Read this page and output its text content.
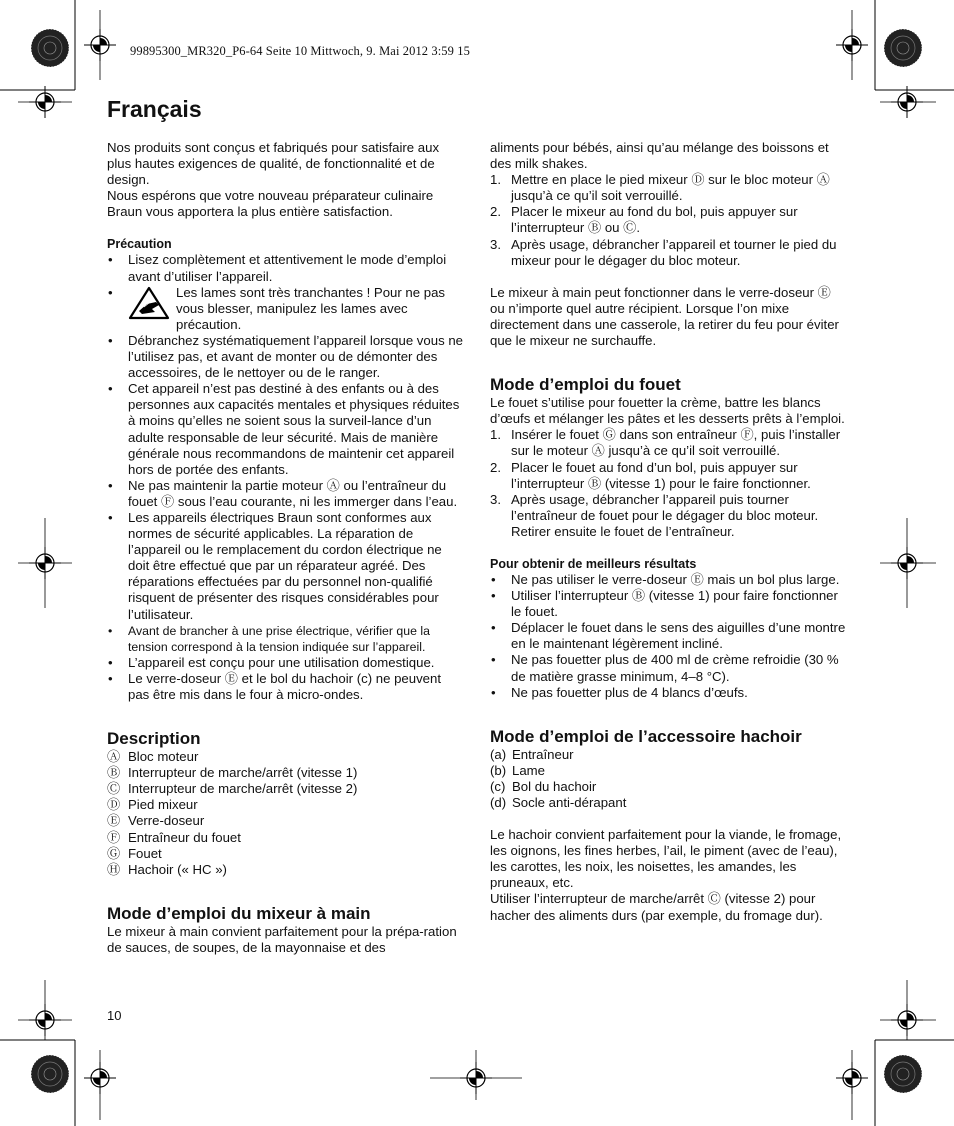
99895300_MR320_P6-64 Seite 10 Mittwoch, 9. Mai 2012 3:59 15
Français

Nos produits sont conçus et fabriqués pour satisfaire aux plus hautes exigences de qualité, de fonctionnalité et de design.

Nous espérons que votre nouveau préparateur culinaire Braun vous apportera la plus entière satisfaction.

Précaution

• Lisez complètement et attentivement le mode d’emploi avant d’utiliser l’appareil.
•	Les lames sont très tranchantes ! Pour ne pas vous blesser, manipulez les lames avec précaution.
• Débranchez systématiquement l’appareil lorsque vous ne l’utilisez pas, et avant de monter ou de démonter des accessoires, de le nettoyer ou de le ranger.
• Cet appareil n’est pas destiné à des enfants ou à des personnes aux capacités mentales et physiques réduites à moins qu’elles ne soient sous la surveil-lance d’un adulte responsable de leur sécurité. Mais de manière générale nous recommandons de maintenir cet appareil hors de portée des enfants.
• Ne pas maintenir la partie moteur Ⓐ ou l’entraîneur du fouet Ⓕ sous l’eau courante, ni les immerger dans l’eau.
• Les appareils électriques Braun sont conformes aux normes de sécurité applicables. La réparation de l’appareil ou le remplacement du cordon électrique ne doit être effectué que par un réparateur agréé. Des réparations effectuées par du personnel non-qualifié risquent de présenter des risques considérables pour l’utilisateur.
• Avant de brancher à une prise électrique, vérifier que la tension correspond à la tension indiquée sur l’appareil.
• L’appareil est conçu pour une utilisation domestique.
• Le verre-doseur Ⓔ et le bol du hachoir (c) ne peuvent pas être mis dans le four à micro-ondes.

Description

Ⓐ Bloc moteur
Ⓑ Interrupteur de marche/arrêt (vitesse 1)
Ⓒ Interrupteur de marche/arrêt (vitesse 2)
Ⓓ Pied mixeur
Ⓔ Verre-doseur
Ⓕ Entraîneur du fouet
Ⓖ Fouet
Ⓗ Hachoir (« HC »)

Mode d’emploi du mixeur à main

Le mixeur à main convient parfaitement pour la prépa-ration de sauces, de soupes, de la mayonnaise et des

aliments pour bébés, ainsi qu’au mélange des boissons et des milk shakes.

1. Mettre en place le pied mixeur Ⓓ sur le bloc moteur Ⓐ jusqu’à ce qu’il soit verrouillé.
2. Placer le mixeur au fond du bol, puis appuyer sur l’interrupteur Ⓑ ou Ⓒ.
3. Après usage, débrancher l’appareil et tourner le pied du mixeur pour le dégager du bloc moteur.

Le mixeur à main peut fonctionner dans le verre-doseur Ⓔ ou n’importe quel autre récipient. Lorsque l’on mixe directement dans une casserole, la retirer du feu pour éviter que le mixeur ne surchauffe.

Mode d’emploi du fouet

Le fouet s’utilise pour fouetter la crème, battre les blancs d’œufs et mélanger les pâtes et les desserts prêts à l’emploi.

1. Insérer le fouet Ⓖ dans son entraîneur Ⓕ, puis l’installer sur le moteur Ⓐ jusqu’à ce qu’il soit verrouillé.
2. Placer le fouet au fond d’un bol, puis appuyer sur l’interrupteur Ⓑ (vitesse 1) pour le faire fonctionner.
3. Après usage, débrancher l’appareil puis tourner l’entraîneur de fouet pour le dégager du bloc moteur. Retirer ensuite le fouet de l’entraîneur.

Pour obtenir de meilleurs résultats

• Ne pas utiliser le verre-doseur Ⓔ mais un bol plus large.
• Utiliser l’interrupteur Ⓑ (vitesse 1) pour faire fonctionner le fouet.
• Déplacer le fouet dans le sens des aiguilles d’une montre en le maintenant légèrement incliné.
• Ne pas fouetter plus de 400 ml de crème refroidie (30 % de matière grasse minimum, 4–8 °C).
• Ne pas fouetter plus de 4 blancs d’œufs.

Mode d’emploi de l’accessoire hachoir

(a) Entraîneur
(b) Lame
(c) Bol du hachoir
(d) Socle anti-dérapant

Le hachoir convient parfaitement pour la viande, le fromage, les oignons, les fines herbes, l’ail, le piment (avec de l’eau), les carottes, les noix, les noisettes, les amandes, les pruneaux, etc.

Utiliser l’interrupteur de marche/arrêt Ⓒ (vitesse 2) pour hacher des aliments durs (par exemple, du fromage dur).

10
